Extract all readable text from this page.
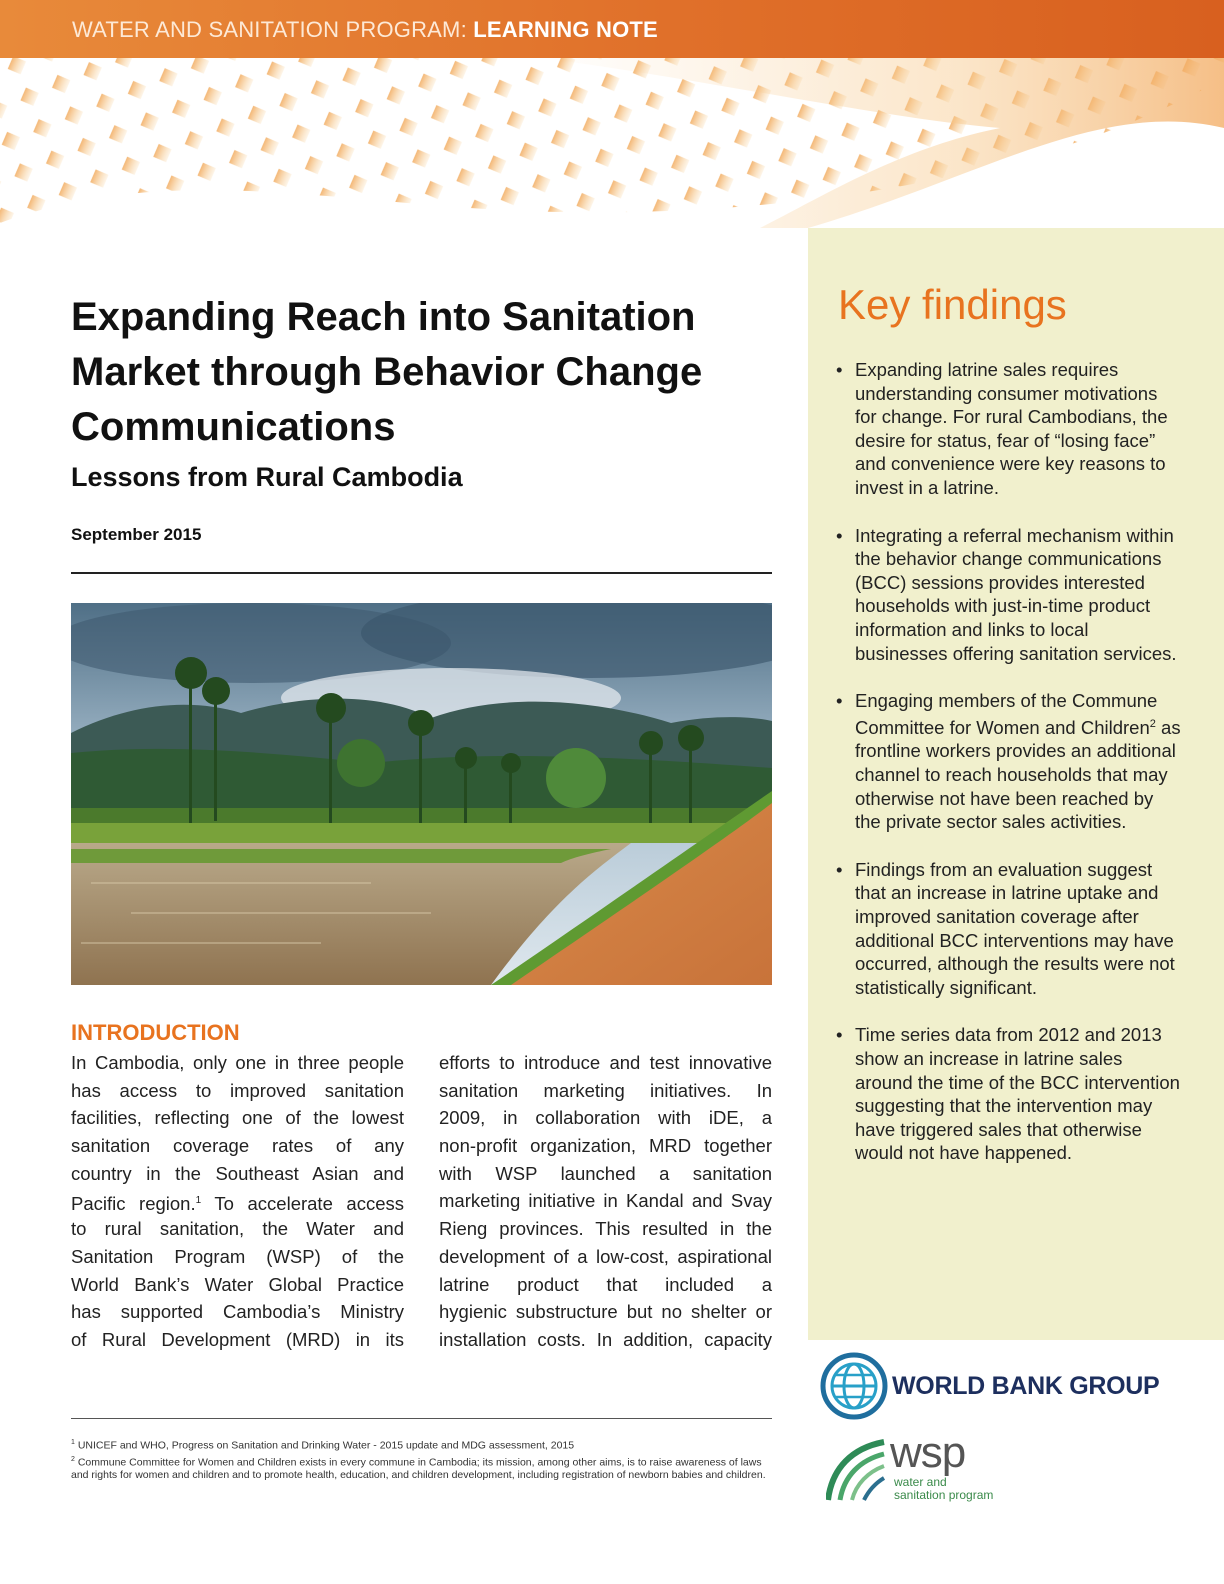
WATER AND SANITATION PROGRAM: LEARNING NOTE
Key findings
• Expanding latrine sales requires understanding consumer motivations for change. For rural Cambodians, the desire for status, fear of “losing face” and convenience were key reasons to invest in a latrine.
• Integrating a referral mechanism within the behavior change communications (BCC) sessions provides interested households with just-in-time product information and links to local businesses offering sanitation services.
• Engaging members of the Commune Committee for Women and Children$^2$ as frontline workers provides an additional channel to reach households that may otherwise not have been reached by the private sector sales activities.
• Findings from an evaluation suggest that an increase in latrine uptake and improved sanitation coverage after additional BCC interventions may have occurred, although the results were not statistically significant.
• Time series data from 2012 and 2013 show an increase in latrine sales around the time of the BCC intervention suggesting that the intervention may have triggered sales that otherwise would not have happened.
Expanding Reach into Sanitation Market through Behavior Change Communications
Lessons from Rural Cambodia
September 2015
INTRODUCTION
In Cambodia, only one in three people
has access to improved sanitation
facilities, reflecting one of the lowest
sanitation coverage rates of any
country in the Southeast Asian and
Pacific region.$^1$ To accelerate access
to rural sanitation, the Water and
Sanitation Program (WSP) of the
World Bank’s Water Global Practice
has supported Cambodia’s Ministry
of Rural Development (MRD) in its
efforts to introduce and test innovative
sanitation marketing initiatives. In
2009, in collaboration with iDE, a
non-profit organization, MRD together
with WSP launched a sanitation
marketing initiative in Kandal and Svay
Rieng provinces. This resulted in the
development of a low-cost, aspirational
latrine product that included a
hygienic substructure but no shelter or
installation costs. In addition, capacity
$^1$ UNICEF and WHO, Progress on Sanitation and Drinking Water - 2015 update and MDG assessment, 2015
$^2$ Commune Committee for Women and Children exists in every commune in Cambodia; its mission, among other aims, is to raise awareness of laws and rights for women and children and to promote health, education, and children development, including registration of newborn babies and children.
WORLD BANK GROUP
wsp
water and
sanitation program
